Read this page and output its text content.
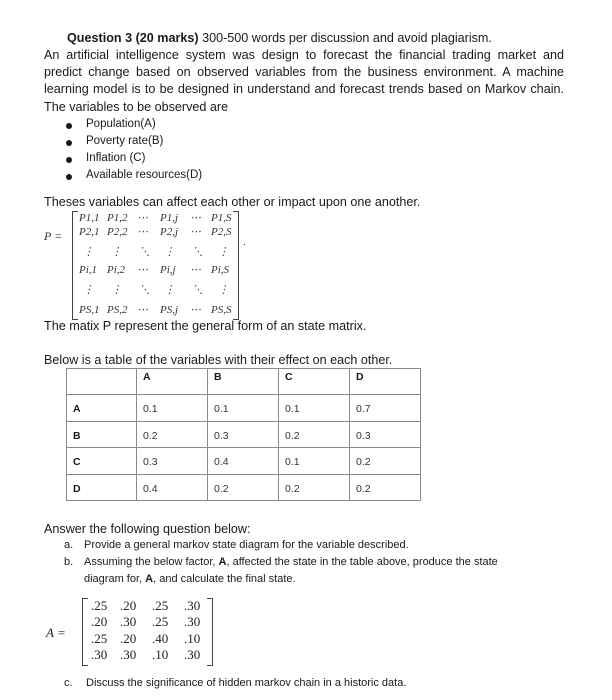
Question 3 (20 marks) 300-500 words per discussion and avoid plagiarism.
An artificial intelligence system was design to forecast the financial trading market and
predict change based on observed variables from the business environment. A machine
learning model is to be designed in understand and forecast trends based on Markov chain.
The variables to be observed are
Population(A)
Poverty rate(B)
Inflation (C)
Available resources(D)
Theses variables can affect each other or impact upon one another.
P =	.
P1,1 P1,2 ⋯ P1,j ⋯ P1,S
P2,1 P2,2 ⋯ P2,j ⋯ P2,S
⋮ ⋮ ⋱ ⋮ ⋱ ⋮
Pi,1 Pi,2 ⋯ Pi,j ⋯ Pi,S
⋮ ⋮ ⋱ ⋮ ⋱ ⋮
PS,1 PS,2 ⋯ PS,j ⋯ PS,S
The matix P represent the general form of an state matrix.
Below is a table of the variables with their effect on each other.
	A	B	C	D
A	0.1	0.1	0.1	0.7
B	0.2	0.3	0.2	0.3
C	0.3	0.4	0.1	0.2
D	0.4	0.2	0.2	0.2
Answer the following question below:
a. Provide a general markov state diagram for the variable described.
b. Assuming the below factor, A, affected the state in the table above, produce the state
diagram for, A, and calculate the final state.
A =
.25 .20 .25 .30
.20 .30 .25 .30
.25 .20 .40 .10
.30 .30 .10 .30
c. Discuss the significance of hidden markov chain in a historic data.
